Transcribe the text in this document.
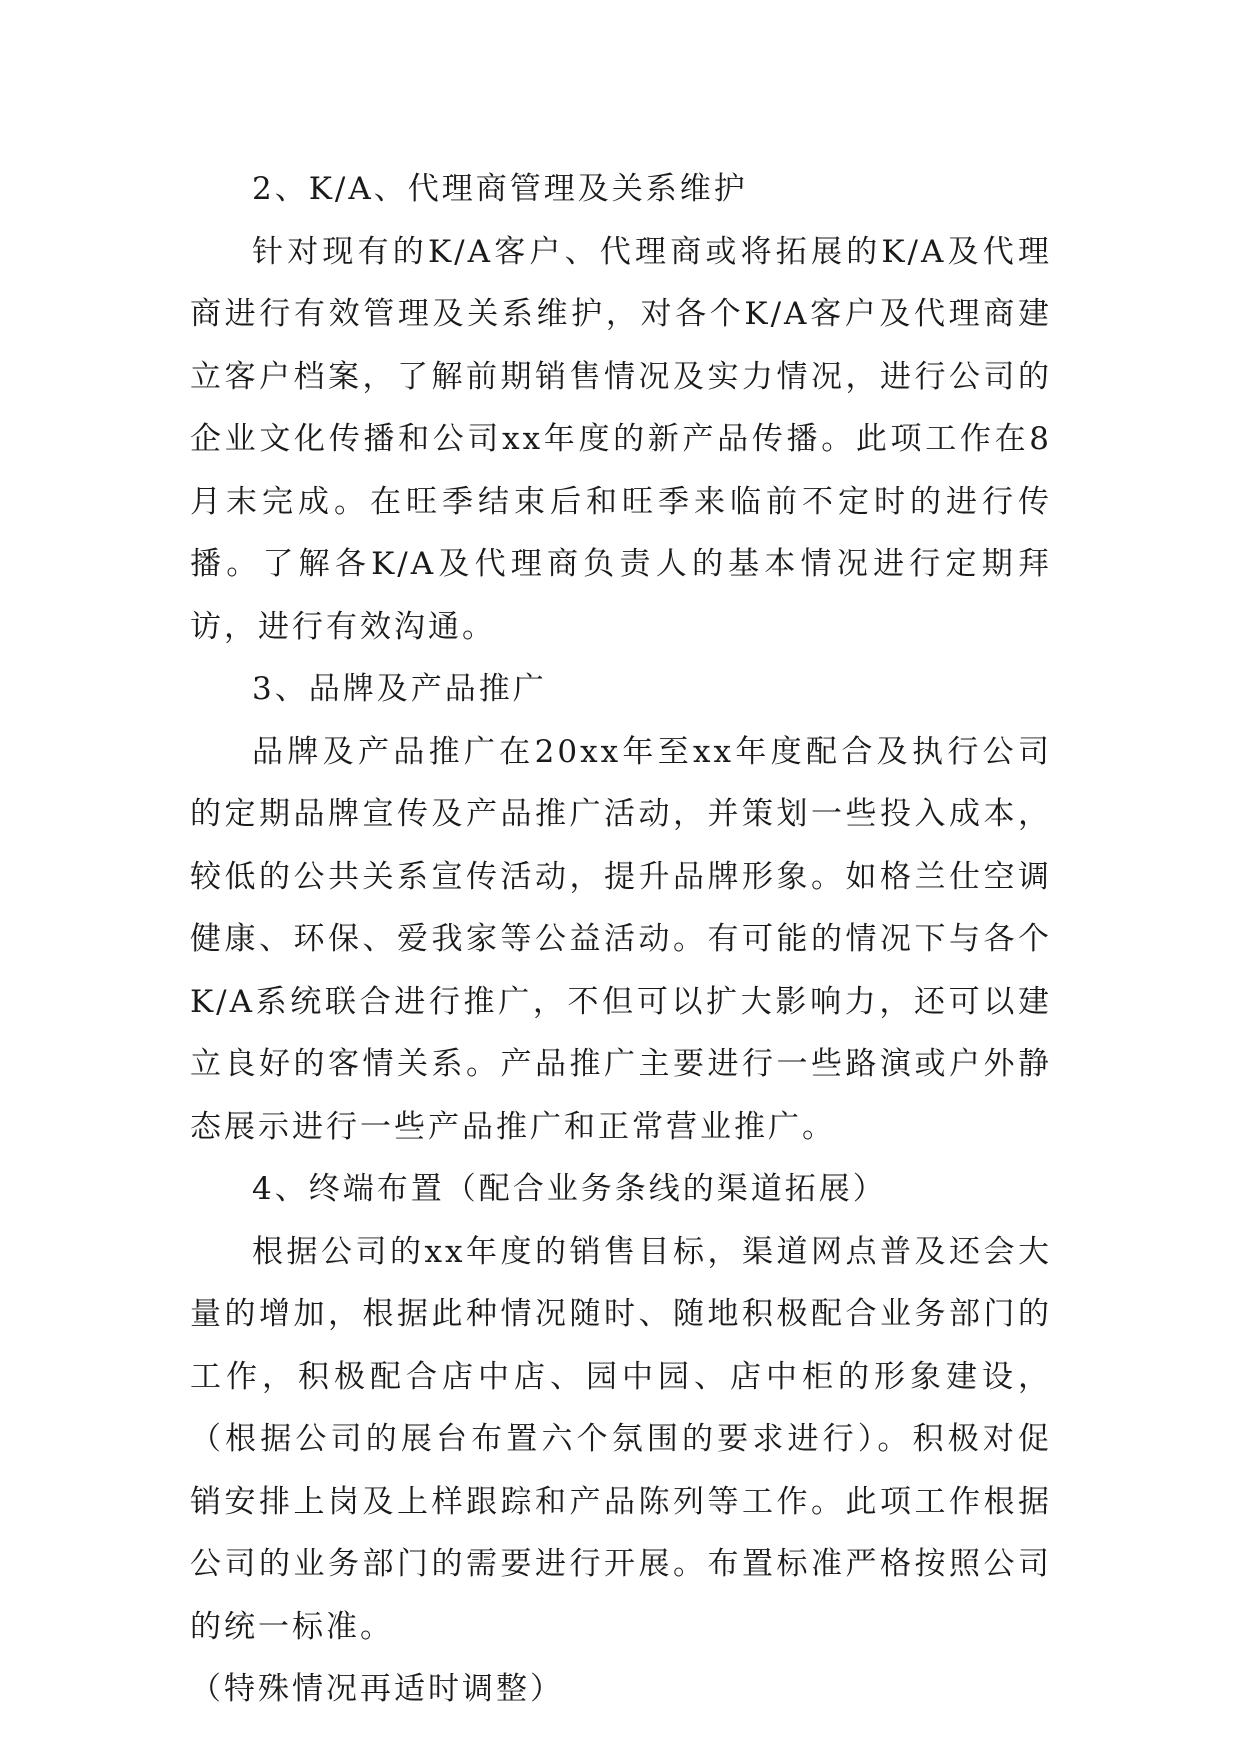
2、K/A、代理商管理及关系维护

针对现有的K/A客户、代理商或将拓展的K/A及代理商进行有效管理及关系维护，对各个K/A客户及代理商建立客户档案，了解前期销售情况及实力情况，进行公司的企业文化传播和公司xx年度的新产品传播。此项工作在8月末完成。在旺季结束后和旺季来临前不定时的进行传播。了解各K/A及代理商负责人的基本情况进行定期拜访，进行有效沟通。

3、品牌及产品推广

品牌及产品推广在20xx年至xx年度配合及执行公司的定期品牌宣传及产品推广活动，并策划一些投入成本，较低的公共关系宣传活动，提升品牌形象。如格兰仕空调健康、环保、爱我家等公益活动。有可能的情况下与各个K/A系统联合进行推广，不但可以扩大影响力，还可以建立良好的客情关系。产品推广主要进行一些路演或户外静态展示进行一些产品推广和正常营业推广。

4、终端布置（配合业务条线的渠道拓展）

根据公司的xx年度的销售目标，渠道网点普及还会大量的增加，根据此种情况随时、随地积极配合业务部门的工作，积极配合店中店、园中园、店中柜的形象建设，（根据公司的展台布置六个氛围的要求进行）。积极对促销安排上岗及上样跟踪和产品陈列等工作。此项工作根据公司的业务部门的需要进行开展。布置标准严格按照公司的统一标准。

（特殊情况再适时调整）
